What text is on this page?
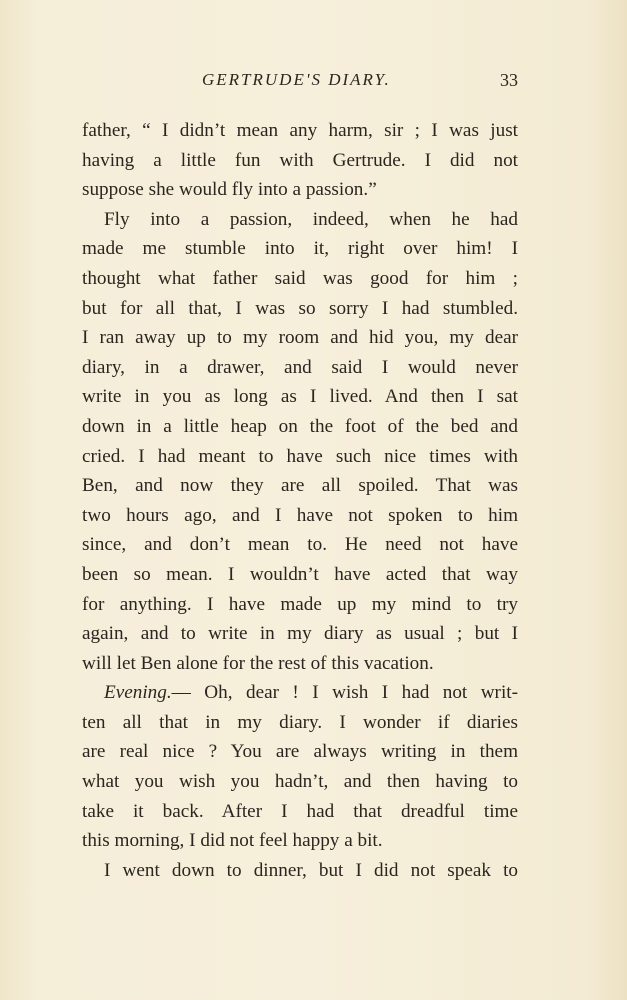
GERTRUDE'S DIARY.	33
father, “ I didn’t mean any harm, sir ; I was just
having a little fun with Gertrude. I did not
suppose she would fly into a passion.”
Fly into a passion, indeed, when he had
made me stumble into it, right over him! I
thought what father said was good for him ;
but for all that, I was so sorry I had stumbled.
I ran away up to my room and hid you, my dear
diary, in a drawer, and said I would never
write in you as long as I lived. And then I sat
down in a little heap on the foot of the bed and
cried. I had meant to have such nice times with
Ben, and now they are all spoiled. That was
two hours ago, and I have not spoken to him
since, and don’t mean to. He need not have
been so mean. I wouldn’t have acted that way
for anything. I have made up my mind to try
again, and to write in my diary as usual ; but I
will let Ben alone for the rest of this vacation.
Evening.— Oh, dear ! I wish I had not writ-
ten all that in my diary. I wonder if diaries
are real nice ? You are always writing in them
what you wish you hadn’t, and then having to
take it back. After I had that dreadful time
this morning, I did not feel happy a bit.
I went down to dinner, but I did not speak to
